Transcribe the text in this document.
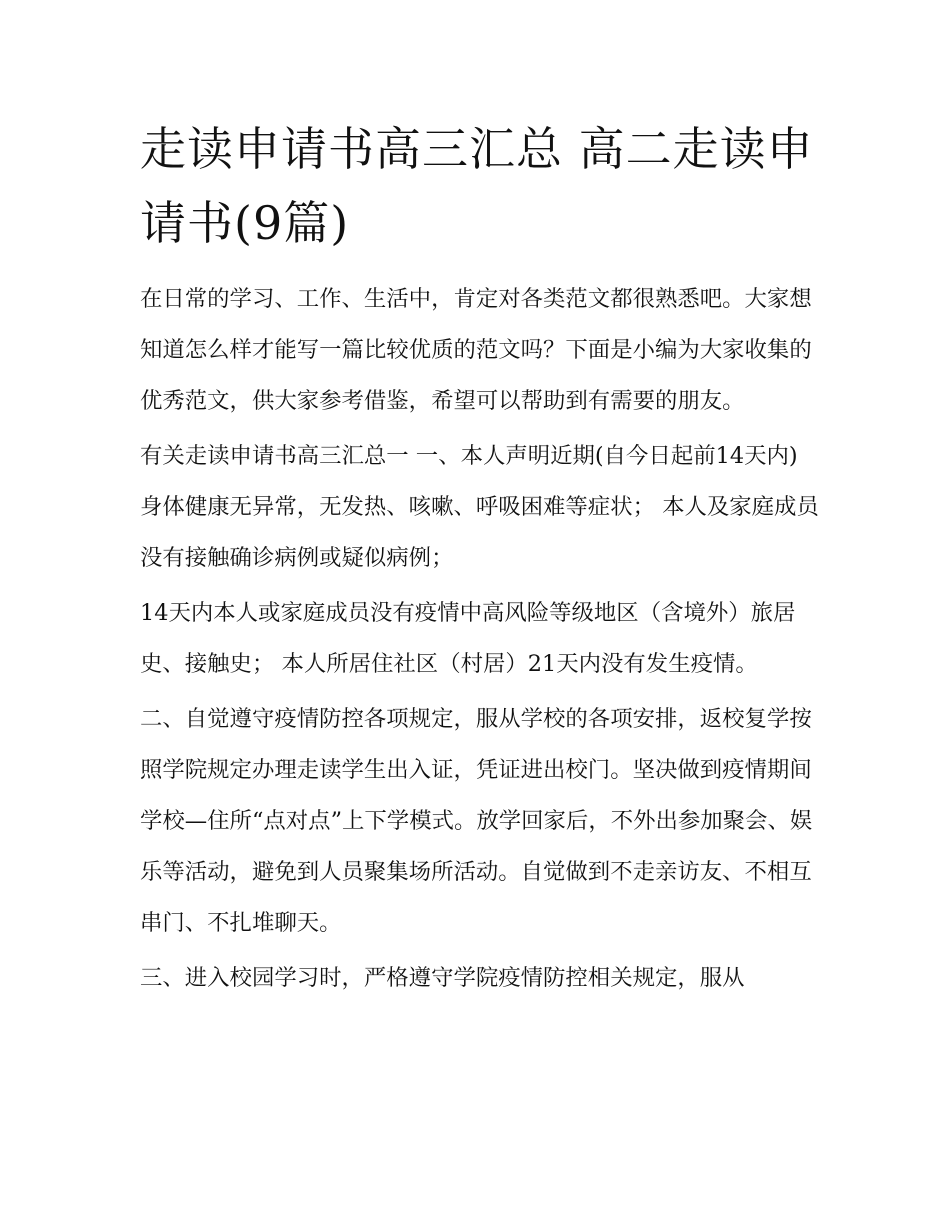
走读申请书高三汇总 高二走读申请书(9篇)

在日常的学习、工作、生活中，肯定对各类范文都很熟悉吧。大家想知道怎么样才能写一篇比较优质的范文吗？下面是小编为大家收集的优秀范文，供大家参考借鉴，希望可以帮助到有需要的朋友。

有关走读申请书高三汇总一 一、本人声明近期(自今日起前14天内)身体健康无异常，无发热、咳嗽、呼吸困难等症状； 本人及家庭成员没有接触确诊病例或疑似病例；

14天内本人或家庭成员没有疫情中高风险等级地区（含境外）旅居史、接触史； 本人所居住社区（村居）21天内没有发生疫情。

二、自觉遵守疫情防控各项规定，服从学校的各项安排，返校复学按照学院规定办理走读学生出入证，凭证进出校门。坚决做到疫情期间学校—住所“点对点”上下学模式。放学回家后，不外出参加聚会、娱乐等活动，避免到人员聚集场所活动。自觉做到不走亲访友、不相互串门、不扎堆聊天。

三、进入校园学习时，严格遵守学院疫情防控相关规定，服从
